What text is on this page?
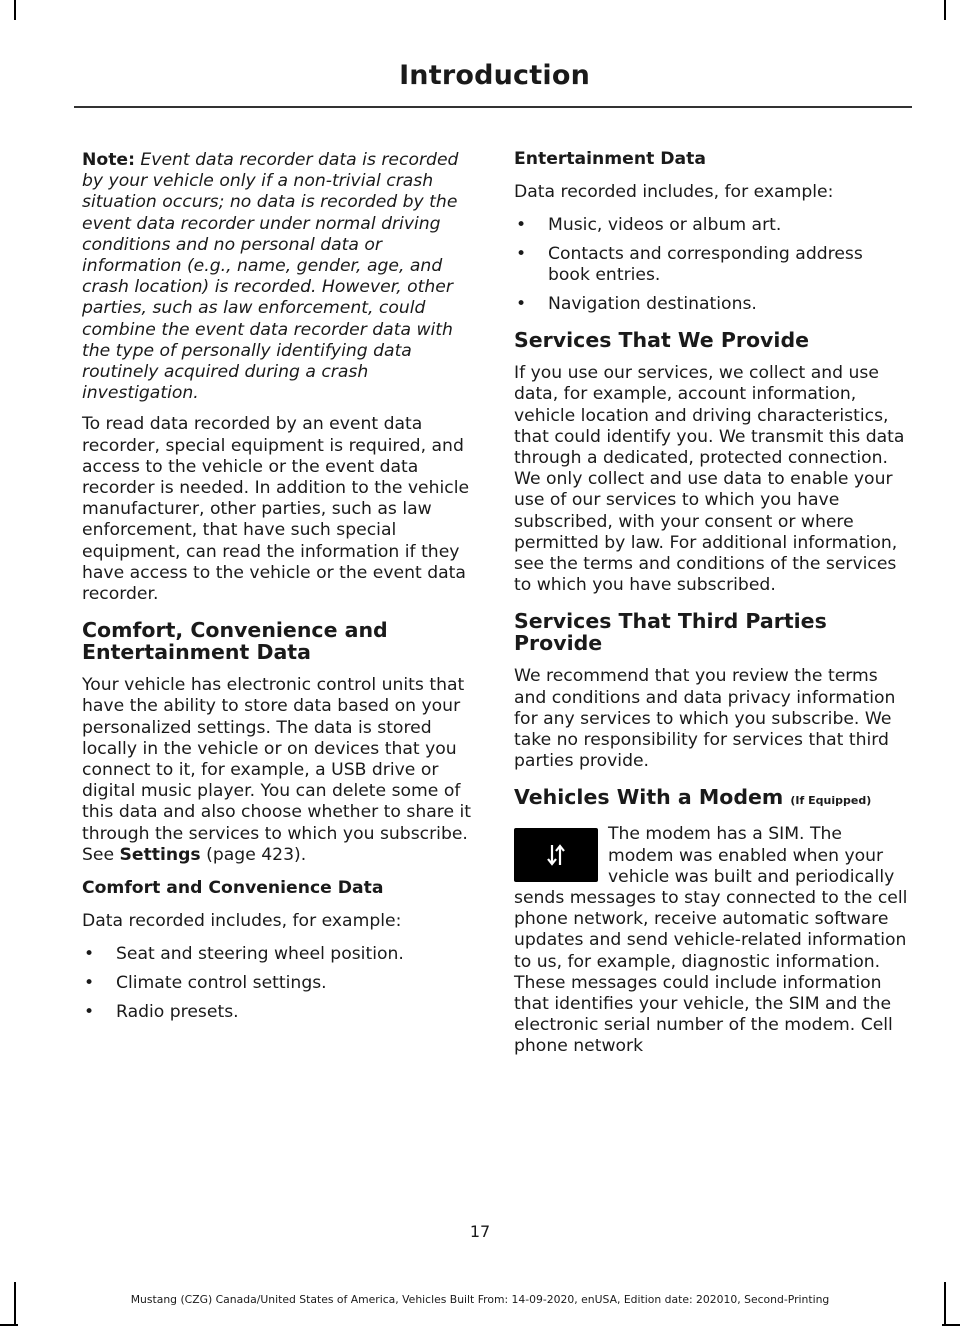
Introduction

Note: Event data recorder data is recorded by your vehicle only if a non-trivial crash situation occurs; no data is recorded by the event data recorder under normal driving conditions and no personal data or information (e.g., name, gender, age, and crash location) is recorded. However, other parties, such as law enforcement, could combine the event data recorder data with the type of personally identifying data routinely acquired during a crash investigation.

To read data recorded by an event data recorder, special equipment is required, and access to the vehicle or the event data recorder is needed. In addition to the vehicle manufacturer, other parties, such as law enforcement, that have such special equipment, can read the information if they have access to the vehicle or the event data recorder.

Comfort, Convenience and Entertainment Data

Your vehicle has electronic control units that have the ability to store data based on your personalized settings. The data is stored locally in the vehicle or on devices that you connect to it, for example, a USB drive or digital music player. You can delete some of this data and also choose whether to share it through the services to which you subscribe. See Settings (page 423).

Comfort and Convenience Data

Data recorded includes, for example:

• Seat and steering wheel position.
• Climate control settings.
• Radio presets.
Entertainment Data

Data recorded includes, for example:

• Music, videos or album art.
• Contacts and corresponding address book entries.
• Navigation destinations.
Services That We Provide

If you use our services, we collect and use data, for example, account information, vehicle location and driving characteristics, that could identify you. We transmit this data through a dedicated, protected connection. We only collect and use data to enable your use of our services to which you have subscribed, with your consent or where permitted by law. For additional information, see the terms and conditions of the services to which you have subscribed.

Services That Third Parties Provide

We recommend that you review the terms and conditions and data privacy information for any services to which you subscribe. We take no responsibility for services that third parties provide.

Vehicles With a Modem (If Equipped)

The modem has a SIM. The modem was enabled when your vehicle was built and periodically sends messages to stay connected to the cell phone network, receive automatic software updates and send vehicle-related information to us, for example, diagnostic information. These messages could include information that identifies your vehicle, the SIM and the electronic serial number of the modem. Cell phone network

17
Mustang (CZG) Canada/United States of America, Vehicles Built From: 14-09-2020, enUSA, Edition date: 202010, Second-Printing
